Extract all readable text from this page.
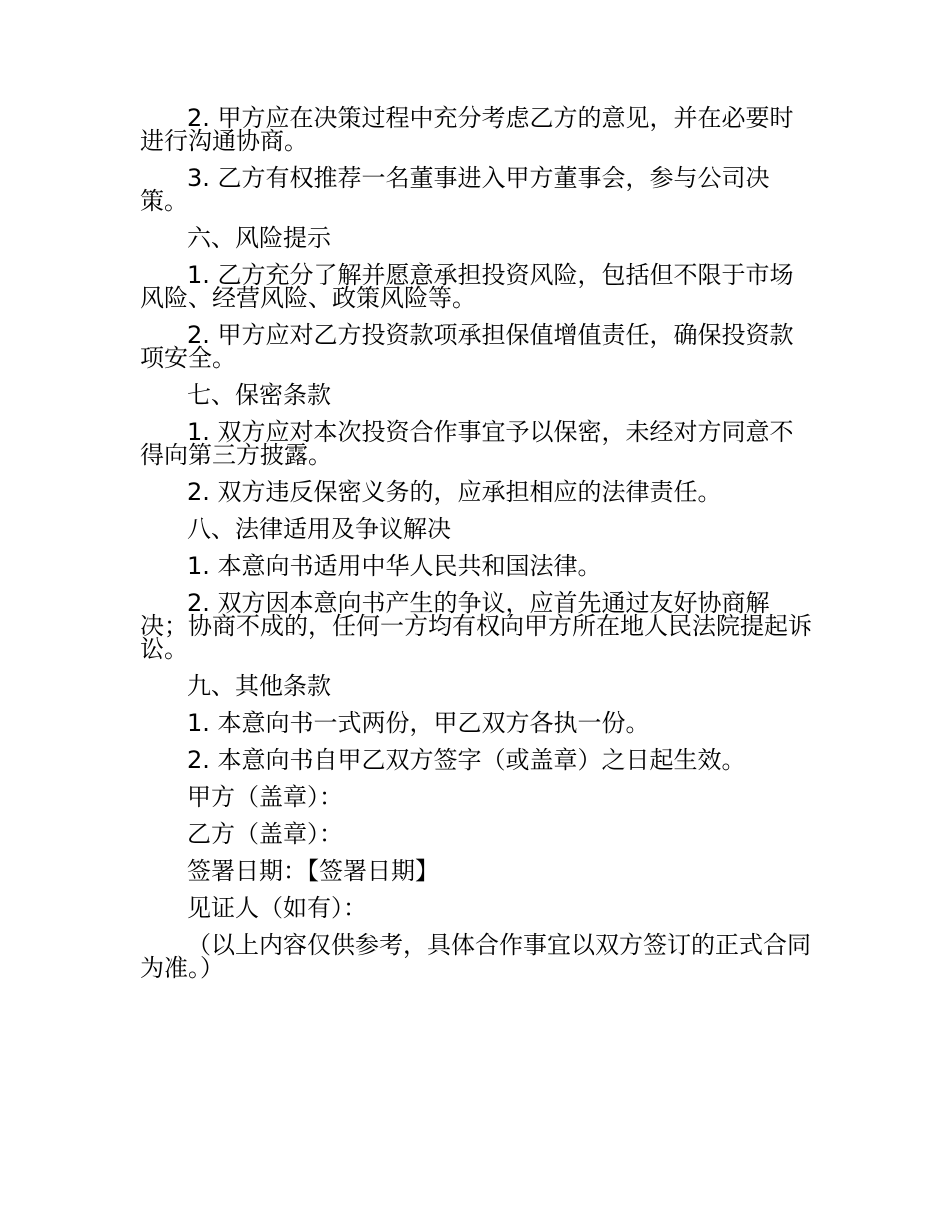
2. 甲方应在决策过程中充分考虑乙方的意见，并在必要时进行沟通协商。

3. 乙方有权推荐一名董事进入甲方董事会，参与公司决策。

六、风险提示

1. 乙方充分了解并愿意承担投资风险，包括但不限于市场风险、经营风险、政策风险等。

2. 甲方应对乙方投资款项承担保值增值责任，确保投资款项安全。

七、保密条款

1. 双方应对本次投资合作事宜予以保密，未经对方同意不得向第三方披露。

2. 双方违反保密义务的，应承担相应的法律责任。

八、法律适用及争议解决

1. 本意向书适用中华人民共和国法律。

2. 双方因本意向书产生的争议，应首先通过友好协商解决；协商不成的，任何一方均有权向甲方所在地人民法院提起诉讼。

九、其他条款

1. 本意向书一式两份，甲乙双方各执一份。

2. 本意向书自甲乙双方签字（或盖章）之日起生效。

甲方（盖章）：

乙方（盖章）：

签署日期：【签署日期】

见证人（如有）：

（以上内容仅供参考，具体合作事宜以双方签订的正式合同为准。）
